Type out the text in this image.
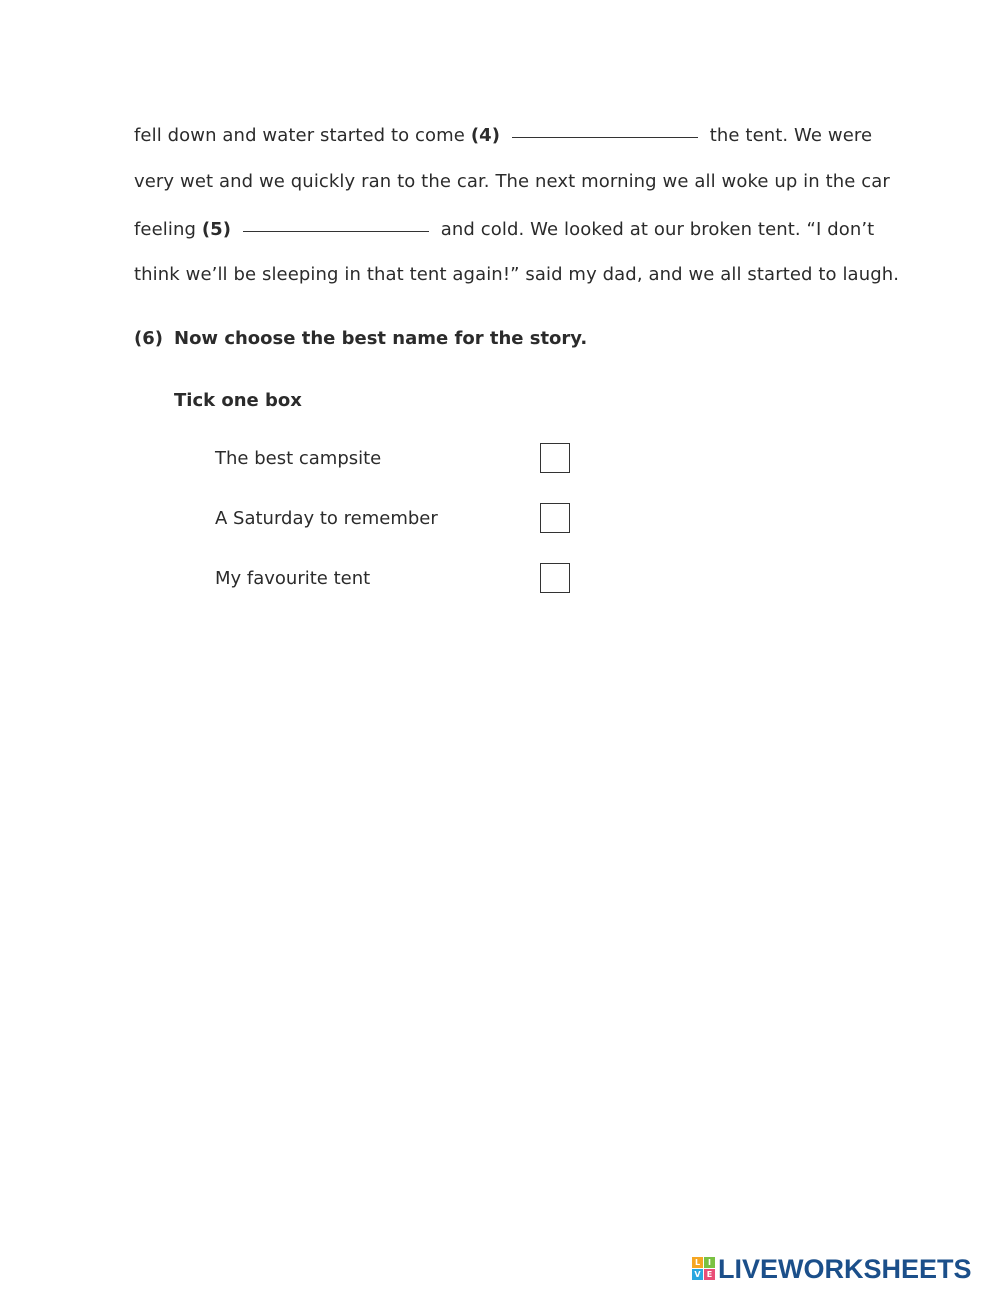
fell down and water started to come (4)	the tent. We were
very wet and we quickly ran to the car. The next morning we all woke up in the car
feeling (5)	and cold. We looked at our broken tent. “I don’t
think we’ll be sleeping in that tent again!” said my dad, and we all started to laugh.
(6) Now choose the best name for the story.
Tick one box
The best campsite
A Saturday to remember
My favourite tent
L I
V E LIVEWORKSHEETS
